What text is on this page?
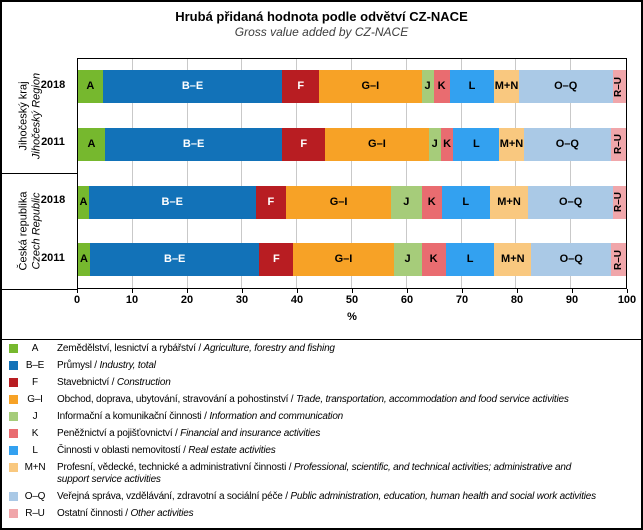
Hrubá přidaná hodnota podle odvětví CZ-NACE
Gross value added by CZ-NACE
A	B–E	F	G–I	J K L M+N	O–Q	R–U
A	B–E	F	G–I	J K L M+N	O–Q	R–U
A	B–E	F	G–I	J K L	M+N	O–Q	R–U
A	B–E	F	G–I	J K	L	M+N	O–Q	R–U
%
A	Zemědělství, lesnictví a rybářství / Agriculture, forestry and fishing
B–E	Průmysl / Industry, total
F	Stavebnictví / Construction
G–I	Obchod, doprava, ubytování, stravování a pohostinství / Trade, transportation, accommodation and food service activities
J	Informační a komunikační činnosti / Information and communication
K	Peněžnictví a pojišťovnictví / Financial and insurance activities
L	Činnosti v oblasti nemovitostí / Real estate activities
M+N	Profesní, vědecké, technické a administrativní činnosti / Professional, scientific, and technical activities; administrative and
support service activities
O–Q	Veřejná správa, vzdělávání, zdravotní a sociální péče / Public administration, education, human health and social work activities
R–U	Ostatní činnosti / Other activities
0	10	20	30	40	50	60	70	80	90	100
2018
2011
Jihočeský kraj Jihočeský Region
2018
2011
Česká republika Czech Republic
